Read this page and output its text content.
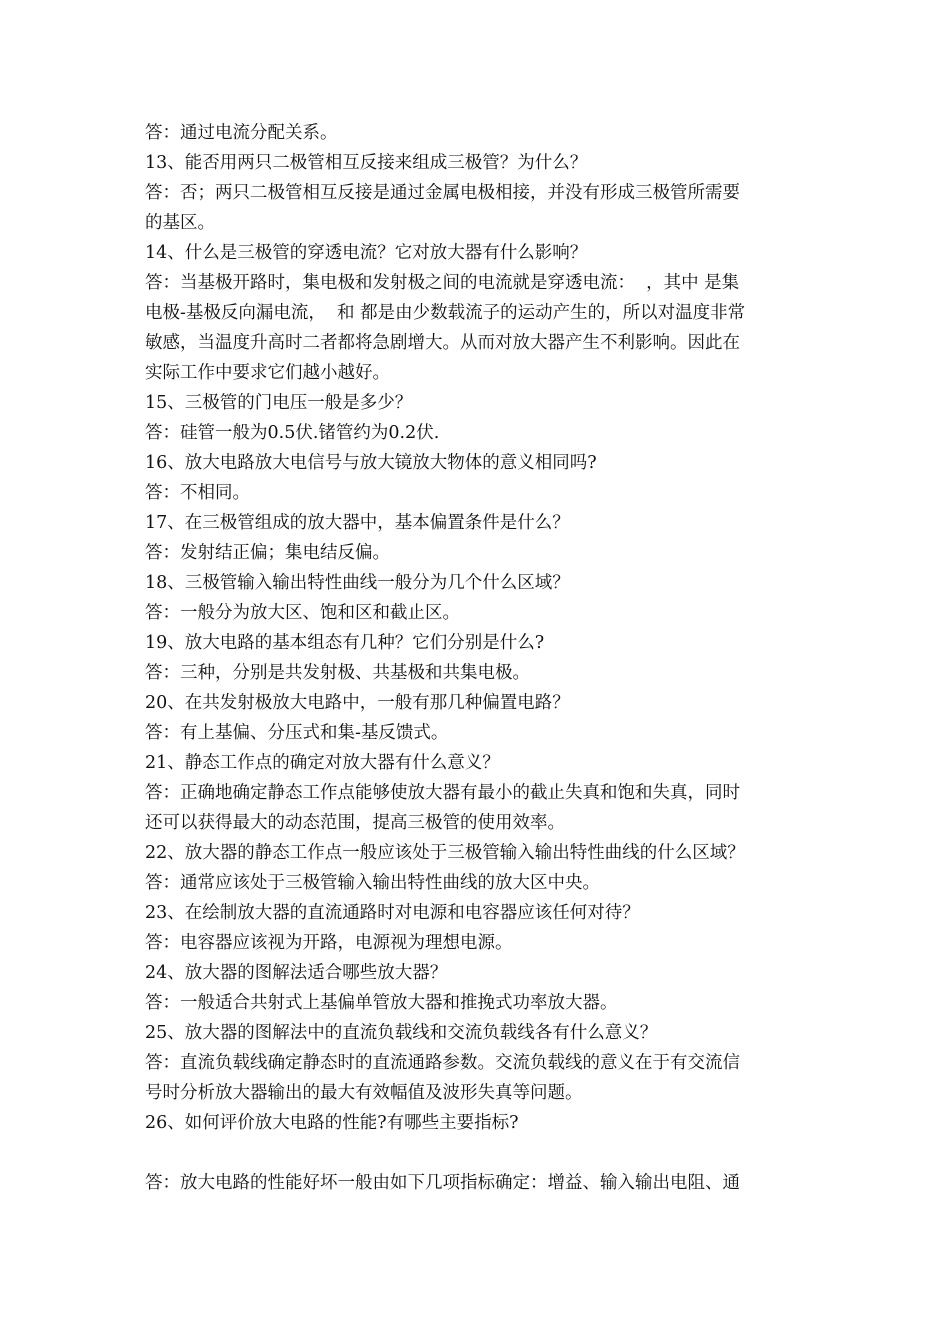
答：通过电流分配关系。
13、能否用两只二极管相互反接来组成三极管？为什么？
答：否；两只二极管相互反接是通过金属电极相接，并没有形成三极管所需要
的基区。
14、什么是三极管的穿透电流？它对放大器有什么影响？
答：当基极开路时，集电极和发射极之间的电流就是穿透电流：  ，其中 是集
电极-基极反向漏电流，  和 都是由少数载流子的运动产生的，所以对温度非常
敏感，当温度升高时二者都将急剧增大。从而对放大器产生不利影响。因此在
实际工作中要求它们越小越好。
15、三极管的门电压一般是多少？
答：硅管一般为0.5伏.锗管约为0.2伏.
16、放大电路放大电信号与放大镜放大物体的意义相同吗?
答：不相同。
17、在三极管组成的放大器中，基本偏置条件是什么？
答：发射结正偏；集电结反偏。
18、三极管输入输出特性曲线一般分为几个什么区域？
答：一般分为放大区、饱和区和截止区。
19、放大电路的基本组态有几种？它们分别是什么?
答：三种，分别是共发射极、共基极和共集电极。
20、在共发射极放大电路中，一般有那几种偏置电路？
答：有上基偏、分压式和集-基反馈式。
21、静态工作点的确定对放大器有什么意义？
答：正确地确定静态工作点能够使放大器有最小的截止失真和饱和失真，同时
还可以获得最大的动态范围，提高三极管的使用效率。
22、放大器的静态工作点一般应该处于三极管输入输出特性曲线的什么区域？
答：通常应该处于三极管输入输出特性曲线的放大区中央。
23、在绘制放大器的直流通路时对电源和电容器应该任何对待？
答：电容器应该视为开路，电源视为理想电源。
24、放大器的图解法适合哪些放大器？
答：一般适合共射式上基偏单管放大器和推挽式功率放大器。
25、放大器的图解法中的直流负载线和交流负载线各有什么意义？
答：直流负载线确定静态时的直流通路参数。交流负载线的意义在于有交流信
号时分析放大器输出的最大有效幅值及波形失真等问题。
26、如何评价放大电路的性能?有哪些主要指标?
答：放大电路的性能好坏一般由如下几项指标确定：增益、输入输出电阻、通
